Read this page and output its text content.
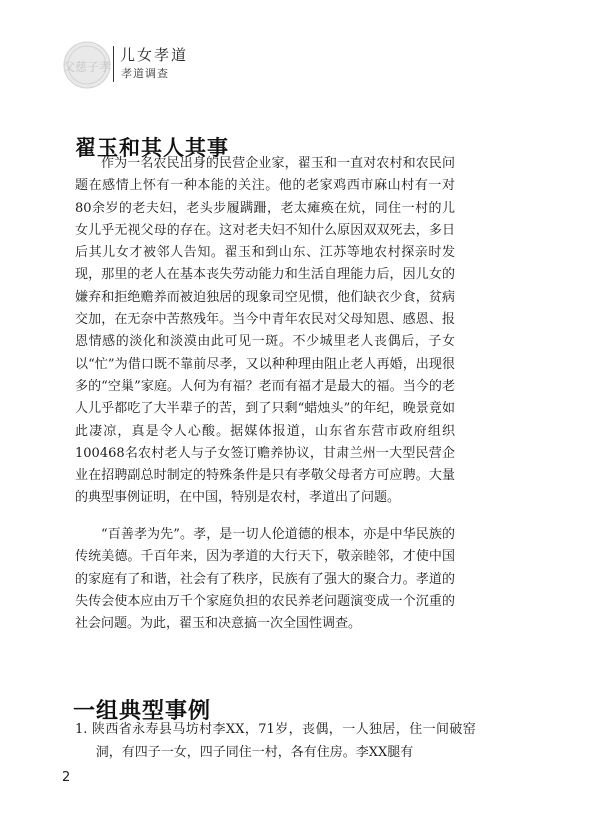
父慈子孝
儿女孝道
孝道调查
翟玉和其人其事

作为一名农民出身的民营企业家，翟玉和一直对农村和农民问题在感情上怀有一种本能的关注。他的老家鸡西市麻山村有一对80余岁的老夫妇，老头步履蹒跚，老太瘫痪在炕，同住一村的儿女儿乎无视父母的存在。这对老夫妇不知什么原因双双死去，多日后其儿女才被邻人告知。翟玉和到山东、江苏等地农村探亲时发现，那里的老人在基本丧失劳动能力和生活自理能力后，因儿女的嫌弃和拒绝赡养而被迫独居的现象司空见惯，他们缺衣少食，贫病交加，在无奈中苦熬残年。当今中青年农民对父母知恩、感恩、报恩情感的淡化和淡漠由此可见一斑。不少城里老人丧偶后，子女以“忙”为借口既不靠前尽孝，又以种种理由阻止老人再婚，出现很多的“空巢”家庭。人何为有福？老而有福才是最大的福。当今的老人儿乎都吃了大半辈子的苦，到了只剩“蜡烛头”的年纪，晚景竟如此凄凉，真是令人心酸。据媒体报道，山东省东营市政府组织100468名农村老人与子女签订赡养协议，甘肃兰州一大型民营企业在招聘副总时制定的特殊条件是只有孝敬父母者方可应聘。大量的典型事例证明，在中国，特别是农村，孝道出了问题。

“百善孝为先”。孝，是一切人伦道德的根本，亦是中华民族的传统美德。千百年来，因为孝道的大行天下，敬亲睦邻，才使中国的家庭有了和谐，社会有了秩序，民族有了强大的聚合力。孝道的失传会使本应由万千个家庭负担的农民养老问题演变成一个沉重的社会问题。为此，翟玉和决意搞一次全国性调查。

一组典型事例

1. 陕西省永寿县马坊村李XX，71岁，丧偶，一人独居，住一间破窑洞，有四子一女，四子同住一村，各有住房。李XX腿有

2
